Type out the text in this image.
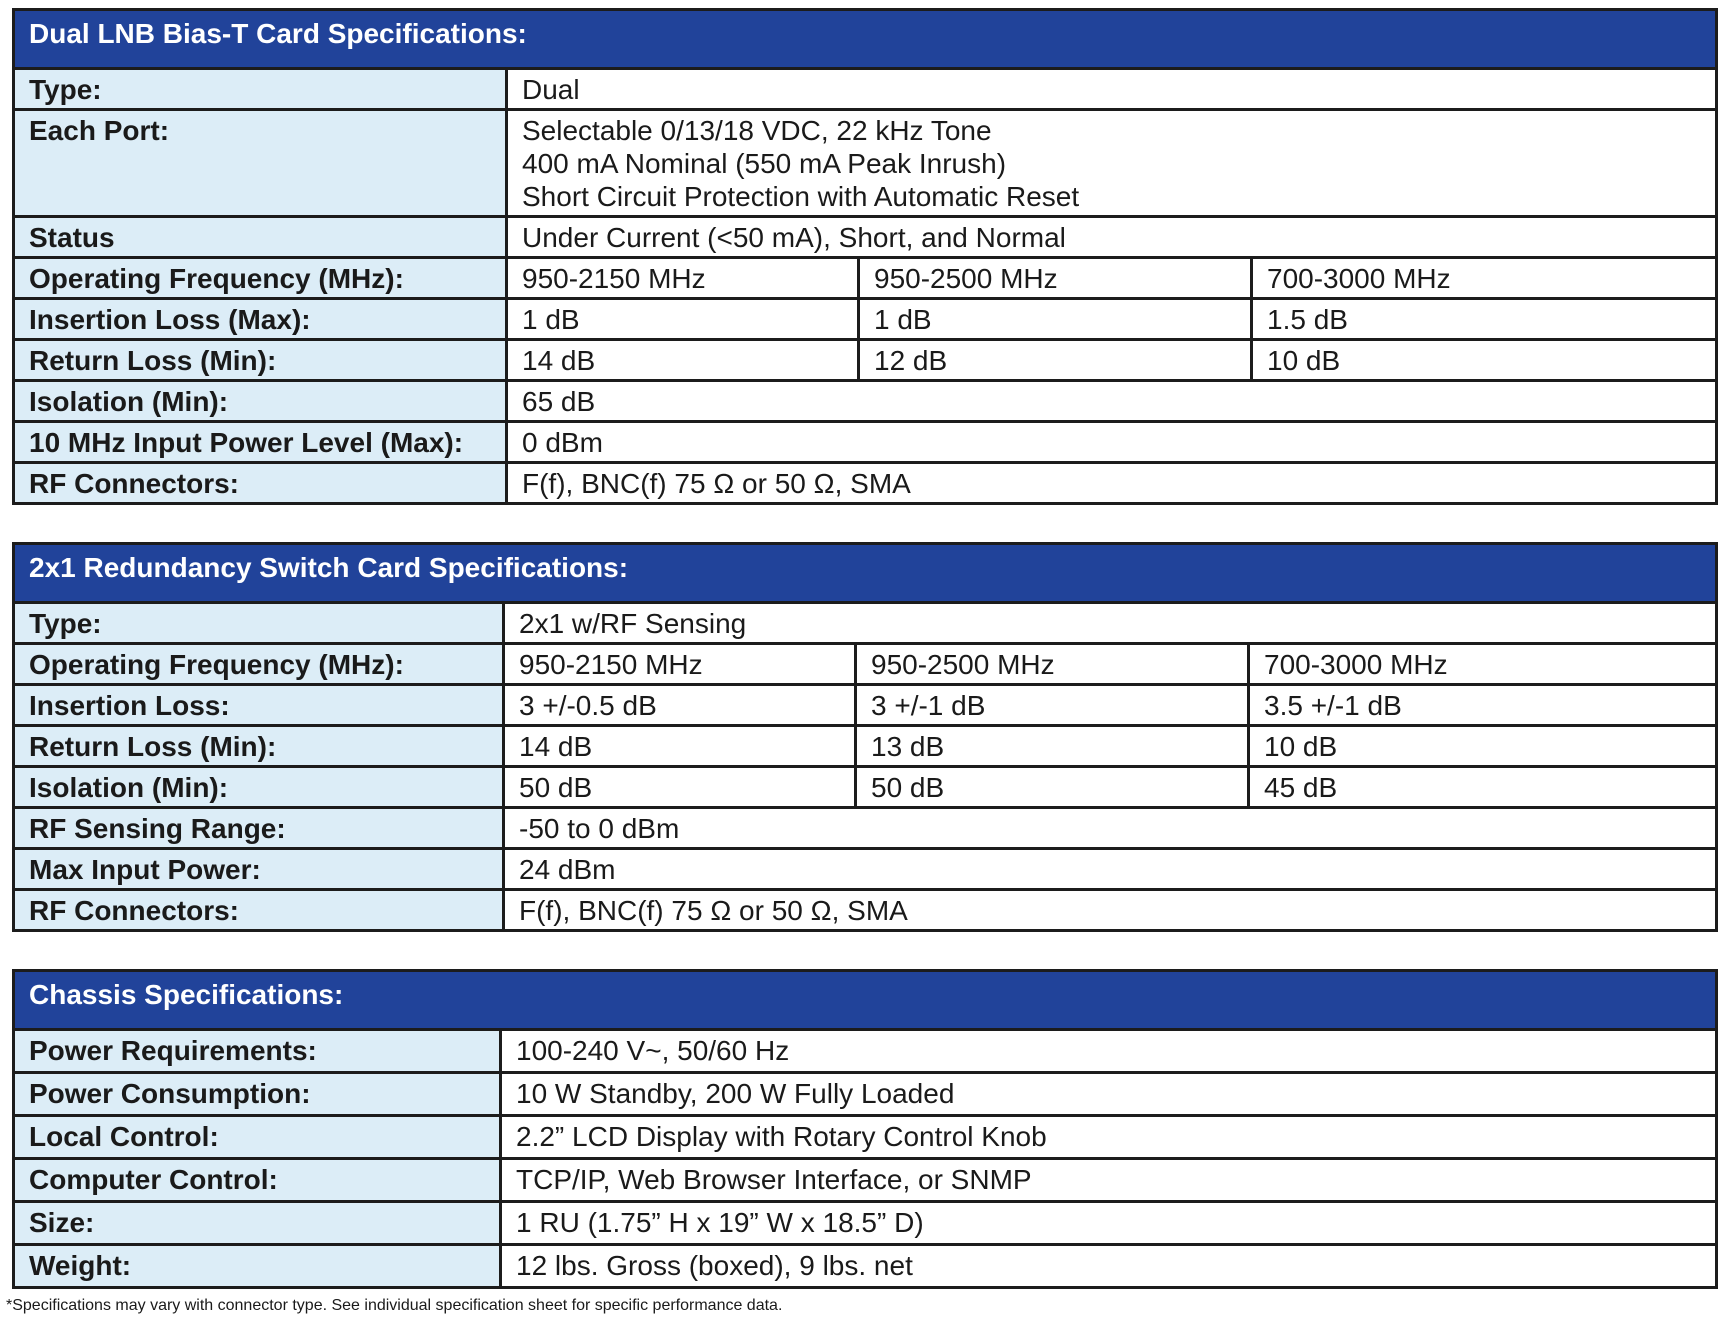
Dual LNB Bias-T Card Specifications:			
Type:	Dual		
Each Port:	Selectable 0/13/18 VDC, 22 kHz Tone
400 mA Nominal (550 mA Peak Inrush)
Short Circuit Protection with Automatic Reset		

Status	Under Current (<50 mA), Short, and Normal		
Operating Frequency (MHz):	950-2150 MHz	950-2500 MHz	700-3000 MHz
Insertion Loss (Max):	1 dB	1 dB	1.5 dB
Return Loss (Min):	14 dB	12 dB	10 dB
Isolation (Min):	65 dB		
10 MHz Input Power Level (Max):	0 dBm		
RF Connectors:	F(f), BNC(f) 75 Ω or 50 Ω, SMA		
2x1 Redundancy Switch Card Specifications:			
Type:	2x1 w/RF Sensing		
Operating Frequency (MHz):	950-2150 MHz	950-2500 MHz	700-3000 MHz
Insertion Loss:	3 +/-0.5 dB	3 +/-1 dB	3.5 +/-1 dB
Return Loss (Min):	14 dB	13 dB	10 dB
Isolation (Min):	50 dB	50 dB	45 dB
RF Sensing Range:	-50 to 0 dBm		
Max Input Power:	24 dBm		
RF Connectors:	F(f), BNC(f) 75 Ω or 50 Ω, SMA		
Chassis Specifications:	
Power Requirements:	100-240 V~, 50/60 Hz
Power Consumption:	10 W Standby, 200 W Fully Loaded
Local Control:	2.2” LCD Display with Rotary Control Knob
Computer Control:	TCP/IP, Web Browser Interface, or SNMP
Size:	1 RU (1.75” H x 19” W x 18.5” D)
Weight:	12 lbs. Gross (boxed), 9 lbs. net
*Specifications may vary with connector type. See individual specification sheet for specific performance data.
